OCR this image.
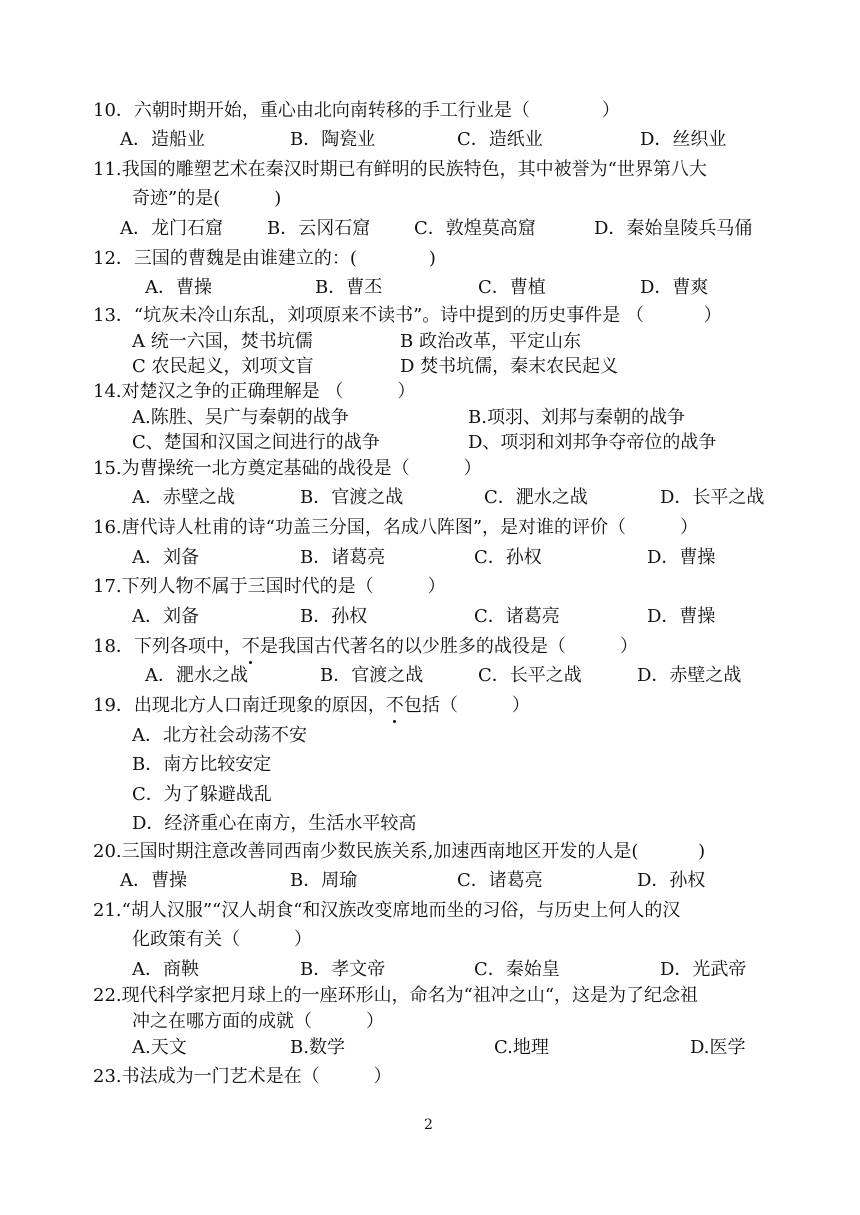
10．六朝时期开始，重心由北向南转移的手工行业是（　　　　）
A．造船业	B．陶瓷业	C．造纸业	D．丝织业
11.我国的雕塑艺术在秦汉时期已有鲜明的民族特色，其中被誉为“世界第八大
奇迹”的是(　　　)
A．龙门石窟 B．云冈石窟 C．敦煌莫高窟	D．秦始皇陵兵马俑
12．三国的曹魏是由谁建立的：(　　　　)
A．曹操	B．曹丕	C．曹植	D．曹爽
13．“坑灰未冷山东乱，刘项原来不读书”。诗中提到的历史事件是 （　　　 ）
A 统一六国，焚书坑儒	B 政治改革，平定山东
C 农民起义，刘项文盲	D 焚书坑儒，秦末农民起义
14.对楚汉之争的正确理解是 （　　　）
A.陈胜、吴广与秦朝的战争	B.项羽、刘邦与秦朝的战争
C、楚国和汉国之间进行的战争	D、项羽和刘邦争夺帝位的战争
15.为曹操统一北方奠定基础的战役是（　　　）
A．赤壁之战	B．官渡之战	C．淝水之战	D．长平之战
16.唐代诗人杜甫的诗“功盖三分国，名成八阵图”，是对谁的评价（　　　）
A．刘备	B．诸葛亮	C．孙权	D．曹操
17.下列人物不属于三国时代的是（　　　）
A．刘备	B．孙权	C．诸葛亮	D．曹操
18．下列各项中，不是我国古代著名的以少胜多的战役是（　　　）
A．淝水之战	B．官渡之战	C．长平之战	D．赤壁之战
19．出现北方人口南迁现象的原因，不包括（　　　）
A．北方社会动荡不安
B．南方比较安定
C．为了躲避战乱
D．经济重心在南方，生活水平较高
20.三国时期注意改善同西南少数民族关系,加速西南地区开发的人是(　　　 )
A．曹操	B．周瑜	C．诸葛亮	D．孙权
21.“胡人汉服”“汉人胡食“和汉族改变席地而坐的习俗，与历史上何人的汉
化政策有关（　　　）
A．商鞅	B．孝文帝	C．秦始皇	D．光武帝
22.现代科学家把月球上的一座环形山，命名为“祖冲之山“，这是为了纪念祖
冲之在哪方面的成就（　　　）
A.天文	B.数学	C.地理	D.医学
23.书法成为一门艺术是在（　　　）
2
